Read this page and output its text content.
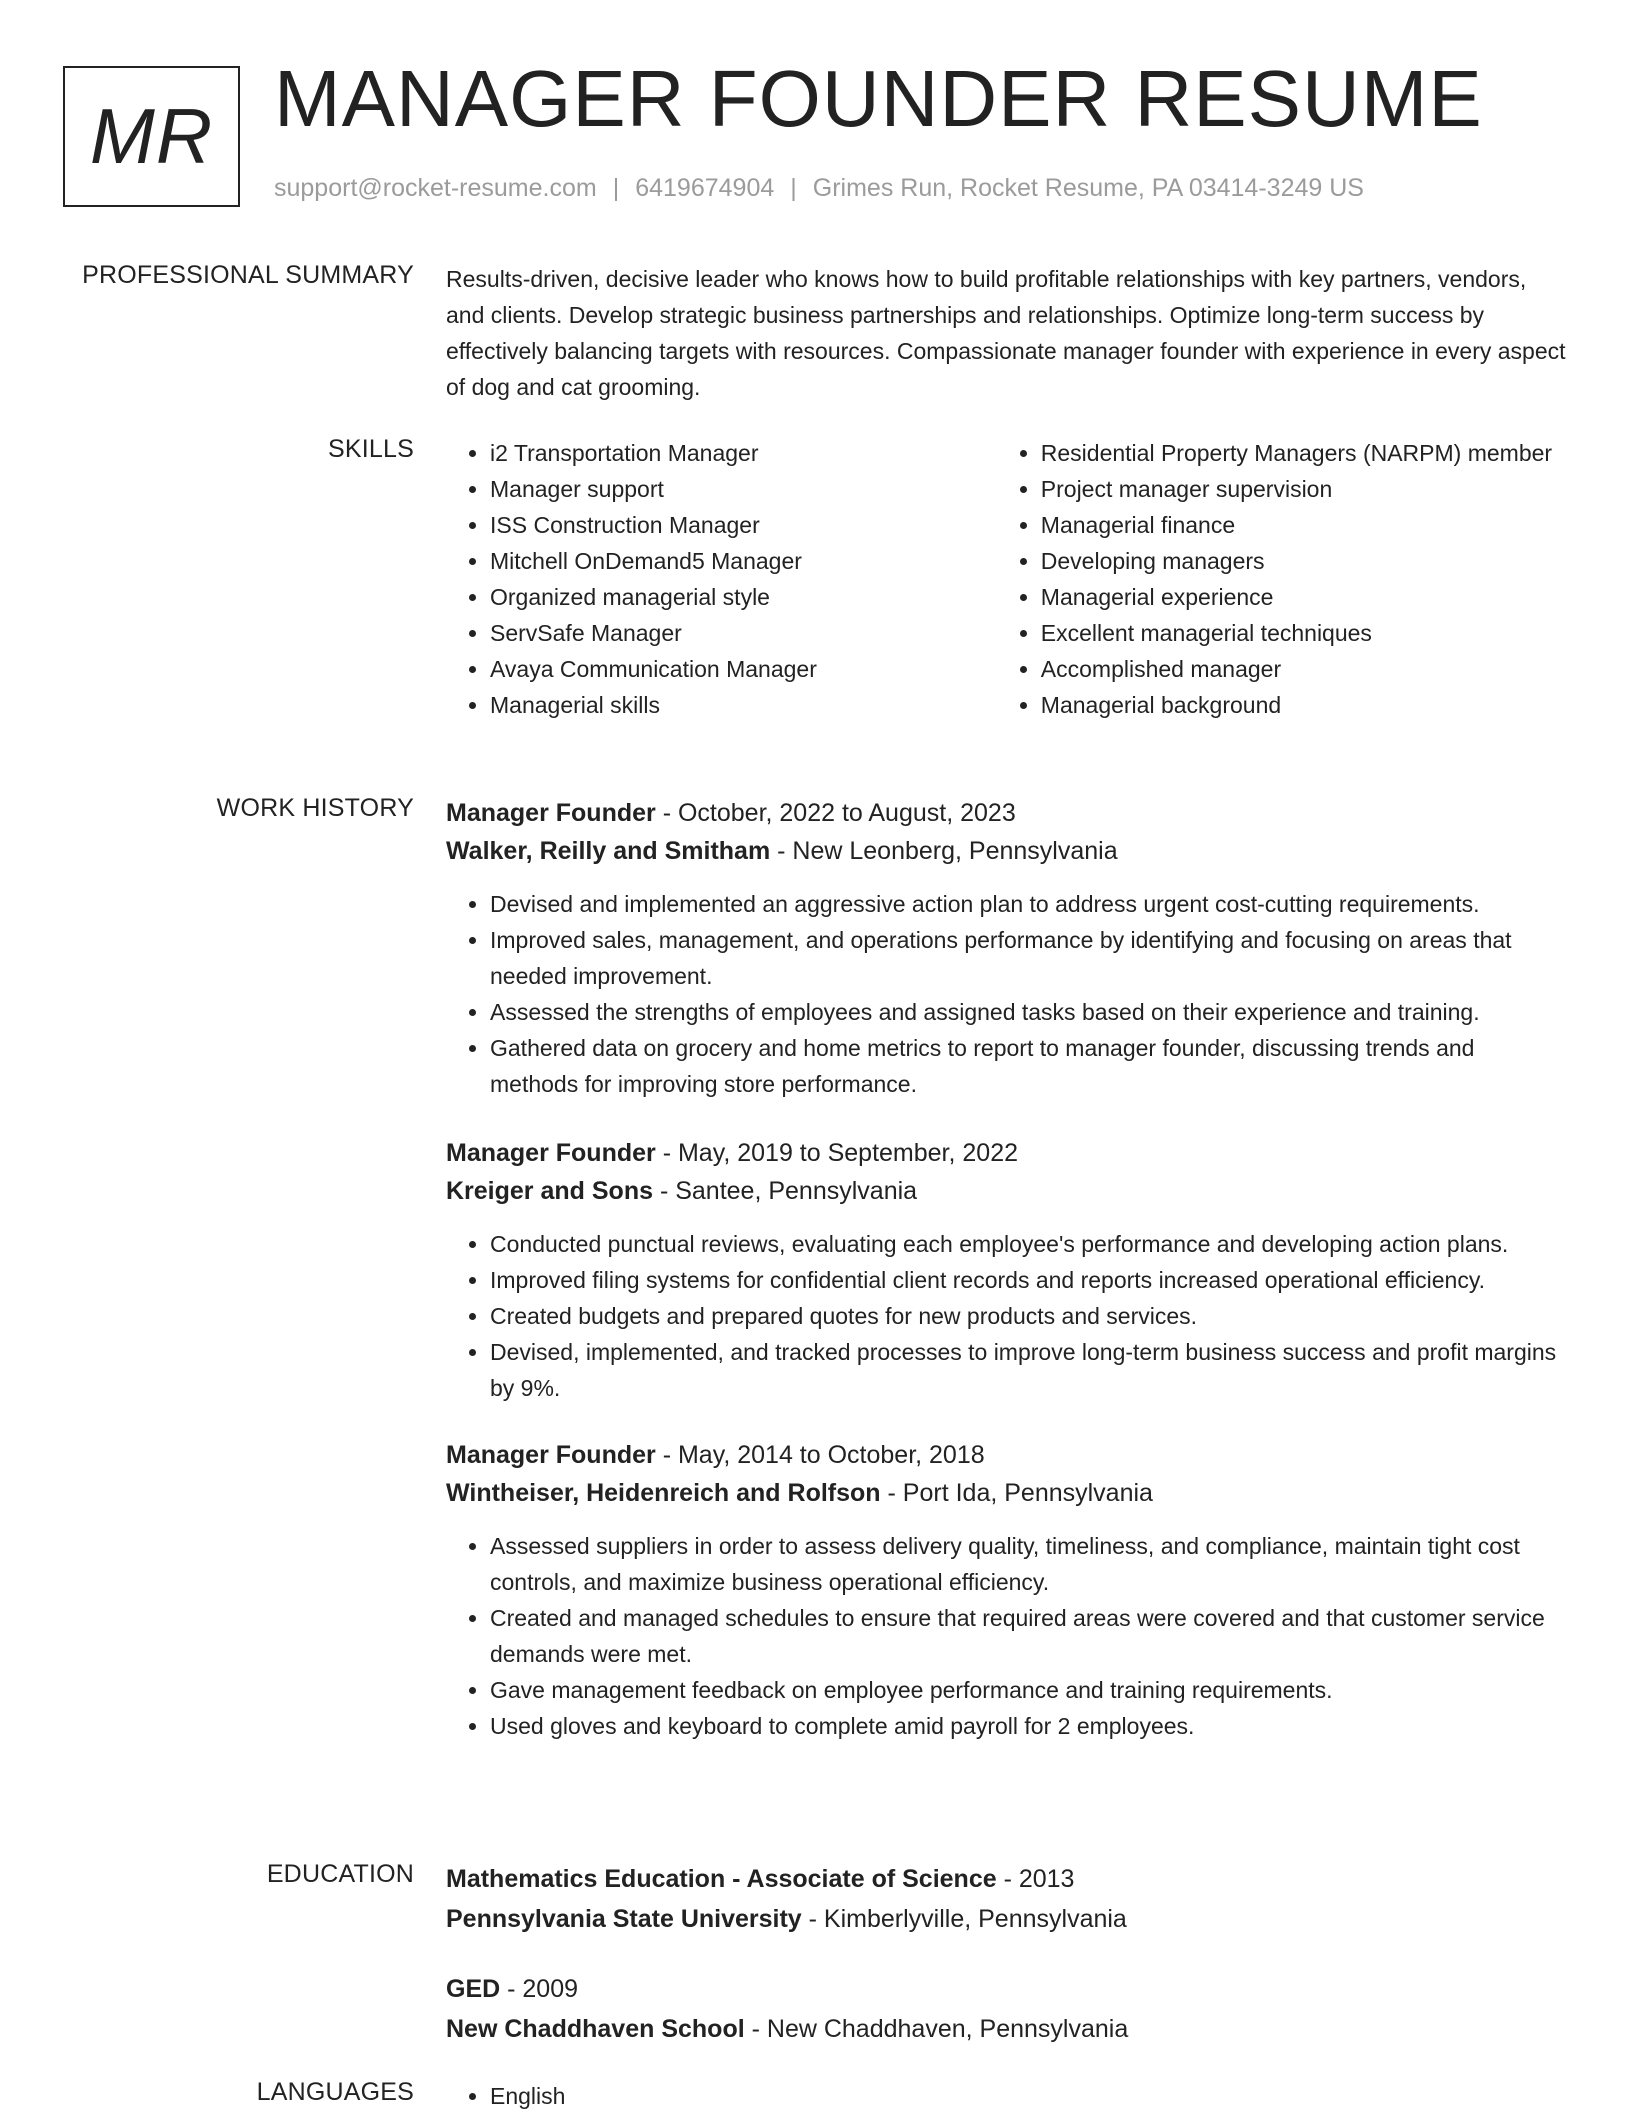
MR MANAGER FOUNDER RESUME
support@rocket-resume.com | 6419674904 | Grimes Run, Rocket Resume, PA 03414-3249 US
PROFESSIONAL SUMMARY Results-driven, decisive leader who knows how to build profitable relationships with key partners, vendors, and clients. Develop strategic business partnerships and relationships. Optimize long-term success by effectively balancing targets with resources. Compassionate manager founder with experience in every aspect of dog and cat grooming.

SKILLS	• i2 Transportation Manager
• Manager support
• ISS Construction Manager
• Mitchell OnDemand5 Manager
• Organized managerial style
• ServSafe Manager
• Avaya Communication Manager
• Managerial skills
• Residential Property Managers (NARPM) member
• Project manager supervision
• Managerial finance
• Developing managers
• Managerial experience
• Excellent managerial techniques
• Accomplished manager
• Managerial background
WORK HISTORY Manager Founder - October, 2022 to August, 2023
Walker, Reilly and Smitham - New Leonberg, Pennsylvania
• Devised and implemented an aggressive action plan to address urgent cost-cutting requirements.
• Improved sales, management, and operations performance by identifying and focusing on areas that needed improvement.
• Assessed the strengths of employees and assigned tasks based on their experience and training.
• Gathered data on grocery and home metrics to report to manager founder, discussing trends and methods for improving store performance.
Manager Founder - May, 2019 to September, 2022
Kreiger and Sons - Santee, Pennsylvania
• Conducted punctual reviews, evaluating each employee's performance and developing action plans.
• Improved filing systems for confidential client records and reports increased operational efficiency.
• Created budgets and prepared quotes for new products and services.
• Devised, implemented, and tracked processes to improve long-term business success and profit margins by 9%.
Manager Founder - May, 2014 to October, 2018
Wintheiser, Heidenreich and Rolfson - Port Ida, Pennsylvania
• Assessed suppliers in order to assess delivery quality, timeliness, and compliance, maintain tight cost controls, and maximize business operational efficiency.
• Created and managed schedules to ensure that required areas were covered and that customer service demands were met.
• Gave management feedback on employee performance and training requirements.
• Used gloves and keyboard to complete amid payroll for 2 employees.
EDUCATION Mathematics Education - Associate of Science - 2013
Pennsylvania State University - Kimberlyville, Pennsylvania
GED - 2009
New Chaddhaven School - New Chaddhaven, Pennsylvania
LANGUAGES	• English
